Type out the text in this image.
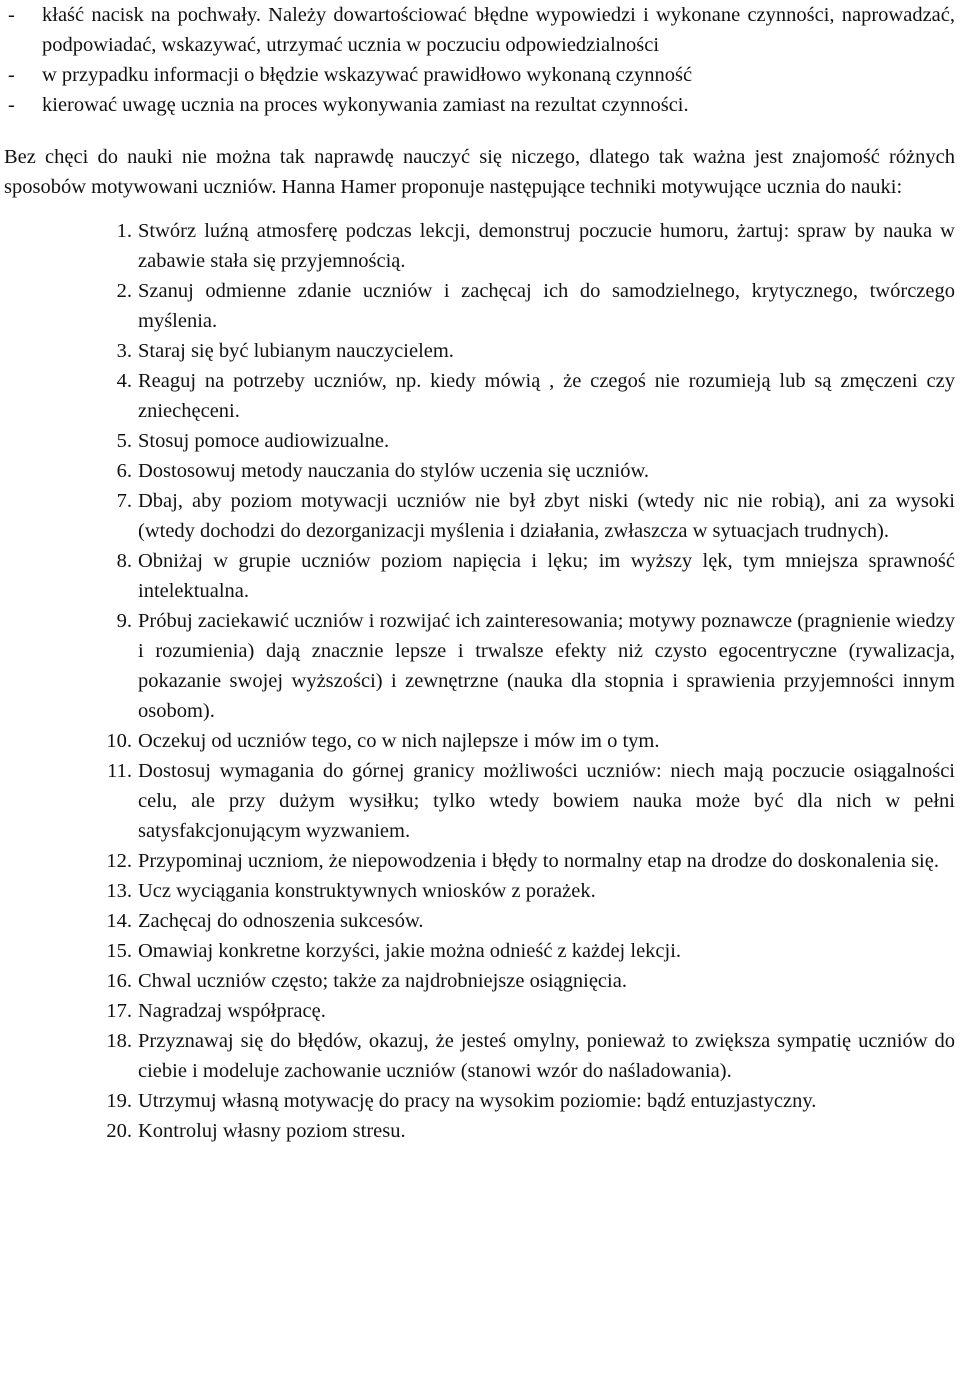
-	kłaść nacisk na pochwały. Należy dowartościować błędne wypowiedzi i wykonane czynności, naprowadzać, podpowiadać, wskazywać, utrzymać ucznia w poczuciu odpowiedzialności
-	w przypadku informacji o błędzie wskazywać prawidłowo wykonaną czynność
-	kierować uwagę ucznia na proces wykonywania zamiast na rezultat czynności.

Bez chęci do nauki nie można tak naprawdę nauczyć się niczego, dlatego tak ważna jest znajomość różnych sposobów motywowani uczniów. Hanna Hamer proponuje następujące techniki motywujące ucznia do nauki:

1. Stwórz luźną atmosferę podczas lekcji, demonstruj poczucie humoru, żartuj: spraw by nauka w zabawie stała się przyjemnością.
2. Szanuj odmienne zdanie uczniów i zachęcaj ich do samodzielnego, krytycznego, twórczego myślenia.
3. Staraj się być lubianym nauczycielem.
4. Reaguj na potrzeby uczniów, np. kiedy mówią , że czegoś nie rozumieją lub są zmęczeni czy zniechęceni.
5. Stosuj pomoce audiowizualne.
6. Dostosowuj metody nauczania do stylów uczenia się uczniów.
7. Dbaj, aby poziom motywacji uczniów nie był zbyt niski (wtedy nic nie robią), ani za wysoki (wtedy dochodzi do dezorganizacji myślenia i działania, zwłaszcza w sytuacjach trudnych).
8. Obniżaj w grupie uczniów poziom napięcia i lęku; im wyższy lęk, tym mniejsza sprawność intelektualna.
9. Próbuj zaciekawić uczniów i rozwijać ich zainteresowania; motywy poznawcze (pragnienie wiedzy i rozumienia) dają znacznie lepsze i trwalsze efekty niż czysto egocentryczne (rywalizacja, pokazanie swojej wyższości) i zewnętrzne (nauka dla stopnia i sprawienia przyjemności innym osobom).
10. Oczekuj od uczniów tego, co w nich najlepsze i mów im o tym.
11. Dostosuj wymagania do górnej granicy możliwości uczniów: niech mają poczucie osiągalności celu, ale przy dużym wysiłku; tylko wtedy bowiem nauka może być dla nich w pełni satysfakcjonującym wyzwaniem.
12. Przypominaj uczniom, że niepowodzenia i błędy to normalny etap na drodze do doskonalenia się.
13. Ucz wyciągania konstruktywnych wniosków z porażek.
14. Zachęcaj do odnoszenia sukcesów.
15. Omawiaj konkretne korzyści, jakie można odnieść z każdej lekcji.
16. Chwal uczniów często; także za najdrobniejsze osiągnięcia.
17. Nagradzaj współpracę.
18. Przyznawaj się do błędów, okazuj, że jesteś omylny, ponieważ to zwiększa sympatię uczniów do ciebie i modeluje zachowanie uczniów (stanowi wzór do naśladowania).
19. Utrzymuj własną motywację do pracy na wysokim poziomie: bądź entuzjastyczny.
20. Kontroluj własny poziom stresu.
